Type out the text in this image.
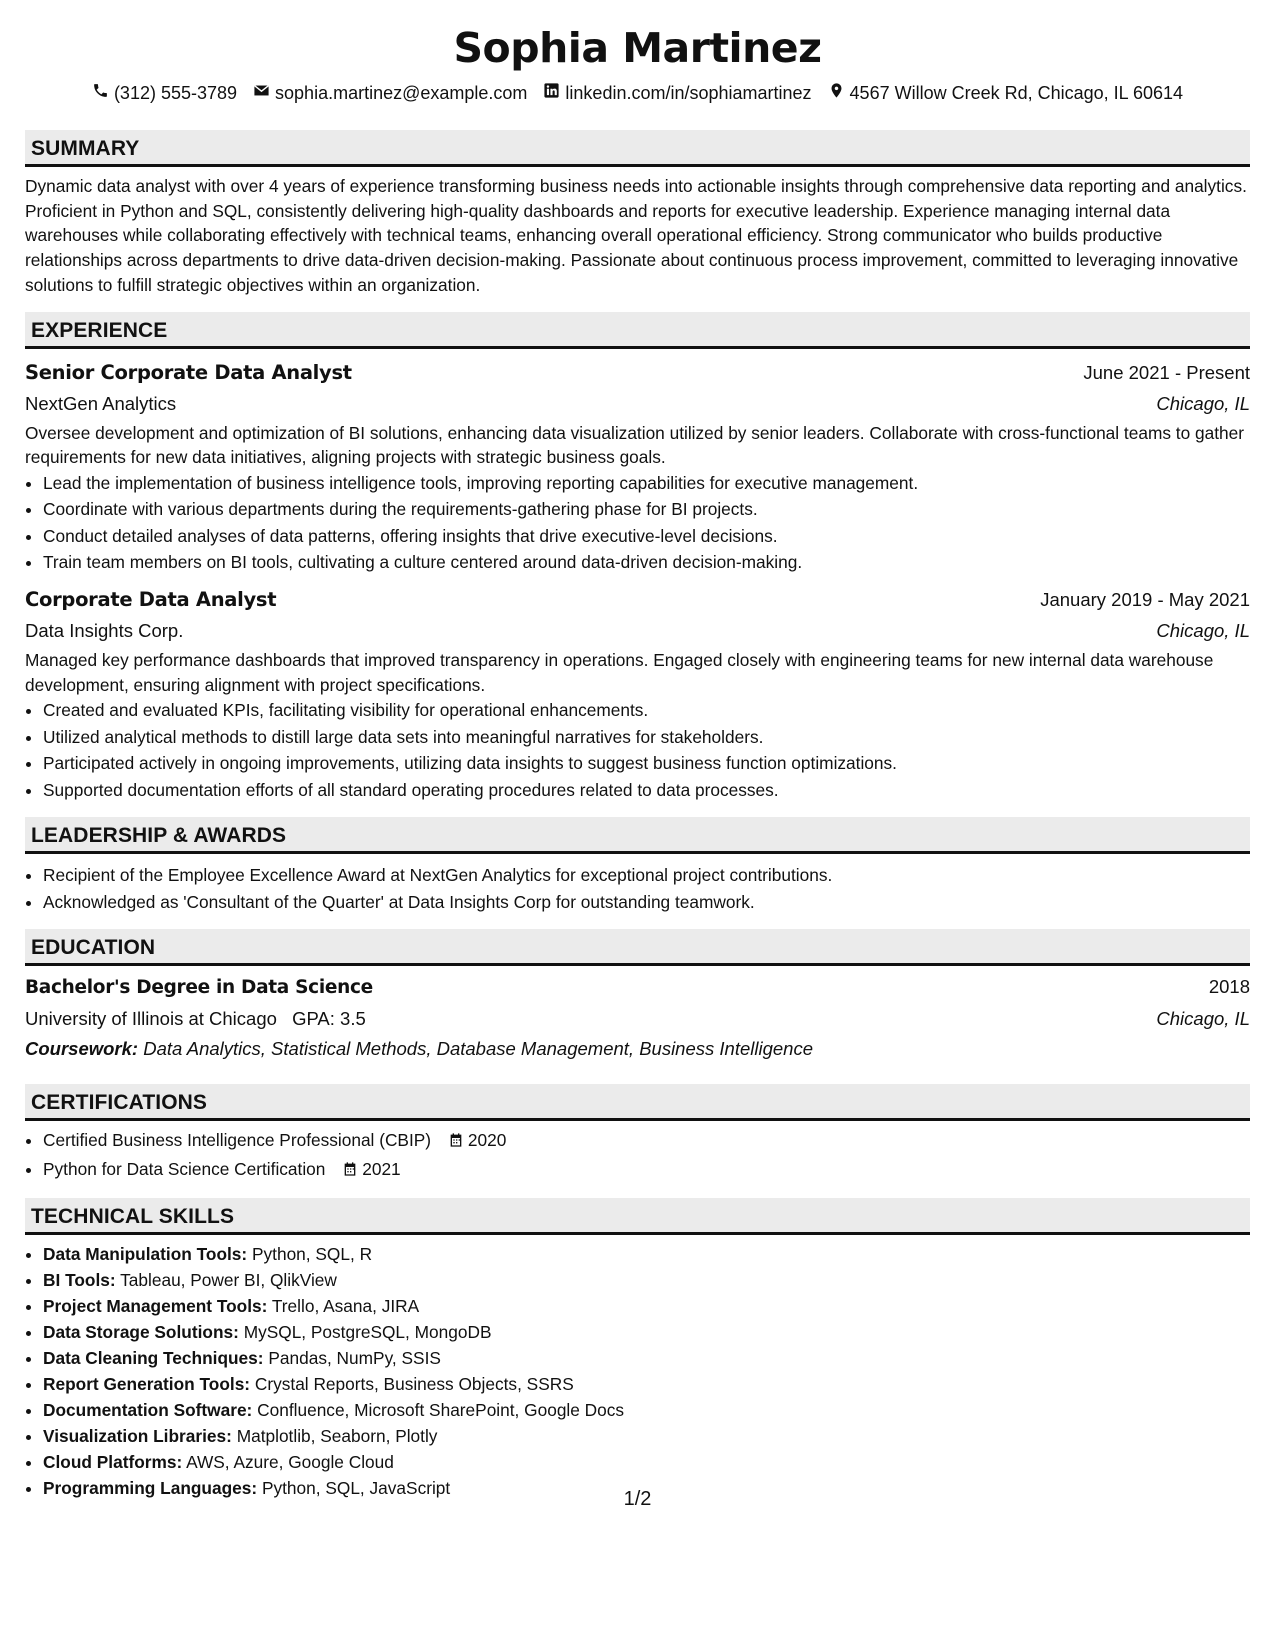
Sophia Martinez
(312) 555-3789 sophia.martinez@example.com linkedin.com/in/sophiamartinez 4567 Willow Creek Rd, Chicago, IL 60614
SUMMARY
Dynamic data analyst with over 4 years of experience transforming business needs into actionable insights through comprehensive data reporting and analytics. Proficient in Python and SQL, consistently delivering high-quality dashboards and reports for executive leadership. Experience managing internal data warehouses while collaborating effectively with technical teams, enhancing overall operational efficiency. Strong communicator who builds productive relationships across departments to drive data-driven decision-making. Passionate about continuous process improvement, committed to leveraging innovative solutions to fulfill strategic objectives within an organization.
EXPERIENCE
Senior Corporate Data Analyst	June 2021 - Present
NextGen Analytics	Chicago, IL
Oversee development and optimization of BI solutions, enhancing data visualization utilized by senior leaders. Collaborate with cross-functional teams to gather requirements for new data initiatives, aligning projects with strategic business goals.
• Lead the implementation of business intelligence tools, improving reporting capabilities for executive management.
• Coordinate with various departments during the requirements-gathering phase for BI projects.
• Conduct detailed analyses of data patterns, offering insights that drive executive-level decisions.
• Train team members on BI tools, cultivating a culture centered around data-driven decision-making.
Corporate Data Analyst	January 2019 - May 2021
Data Insights Corp.	Chicago, IL
Managed key performance dashboards that improved transparency in operations. Engaged closely with engineering teams for new internal data warehouse development, ensuring alignment with project specifications.
• Created and evaluated KPIs, facilitating visibility for operational enhancements.
• Utilized analytical methods to distill large data sets into meaningful narratives for stakeholders.
• Participated actively in ongoing improvements, utilizing data insights to suggest business function optimizations.
• Supported documentation efforts of all standard operating procedures related to data processes.
LEADERSHIP & AWARDS
• Recipient of the Employee Excellence Award at NextGen Analytics for exceptional project contributions.
• Acknowledged as 'Consultant of the Quarter' at Data Insights Corp for outstanding teamwork.
EDUCATION
Bachelor's Degree in Data Science	2018
University of Illinois at Chicago GPA: 3.5	Chicago, IL
Coursework: Data Analytics, Statistical Methods, Database Management, Business Intelligence
CERTIFICATIONS
• Certified Business Intelligence Professional (CBIP) 2020
• Python for Data Science Certification 2021
TECHNICAL SKILLS
• Data Manipulation Tools: Python, SQL, R
• BI Tools: Tableau, Power BI, QlikView
• Project Management Tools: Trello, Asana, JIRA
• Data Storage Solutions: MySQL, PostgreSQL, MongoDB
• Data Cleaning Techniques: Pandas, NumPy, SSIS
• Report Generation Tools: Crystal Reports, Business Objects, SSRS
• Documentation Software: Confluence, Microsoft SharePoint, Google Docs
• Visualization Libraries: Matplotlib, Seaborn, Plotly
• Cloud Platforms: AWS, Azure, Google Cloud
• Programming Languages: Python, SQL, JavaScript	1/2
